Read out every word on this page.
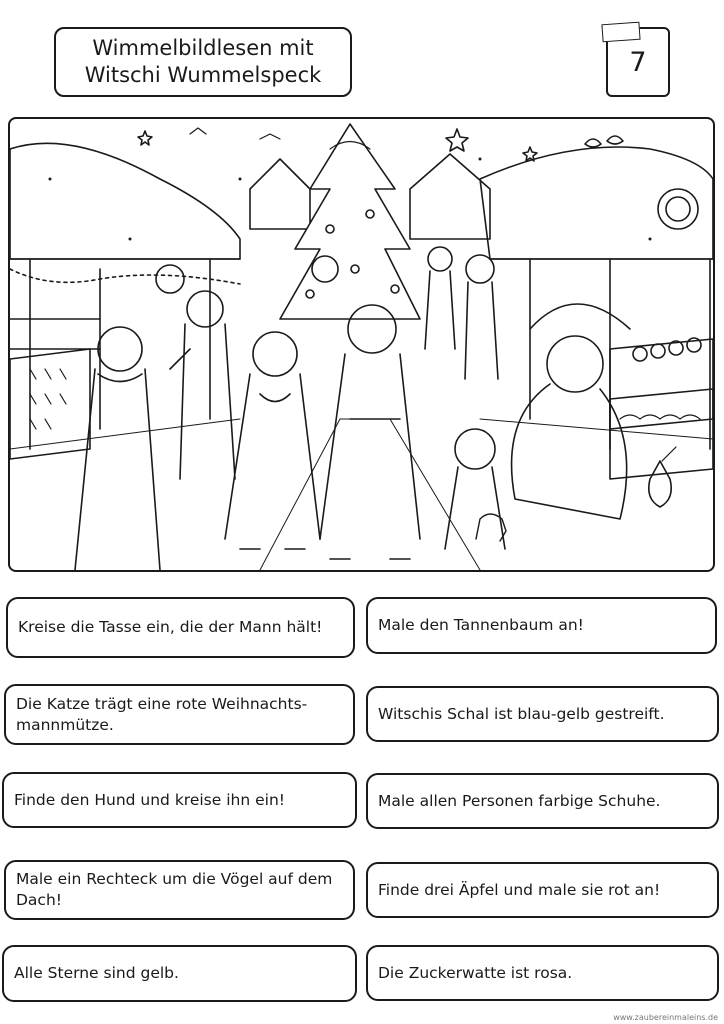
Wimmelbildlesen mit
Witschi Wummelspeck	7
Kreise die Tasse ein, die der Mann hält!	Male den Tannenbaum an!
Die Katze trägt eine rote Weihnachts-mannmütze.
Witschis Schal ist blau-gelb gestreift.
Finde den Hund und kreise ihn ein!	Male allen Personen farbige Schuhe.
Male ein Rechteck um die Vögel auf dem Dach!
Finde drei Äpfel und male sie rot an!
Alle Sterne sind gelb.	Die Zuckerwatte ist rosa.
www.zaubereinmaleins.de
